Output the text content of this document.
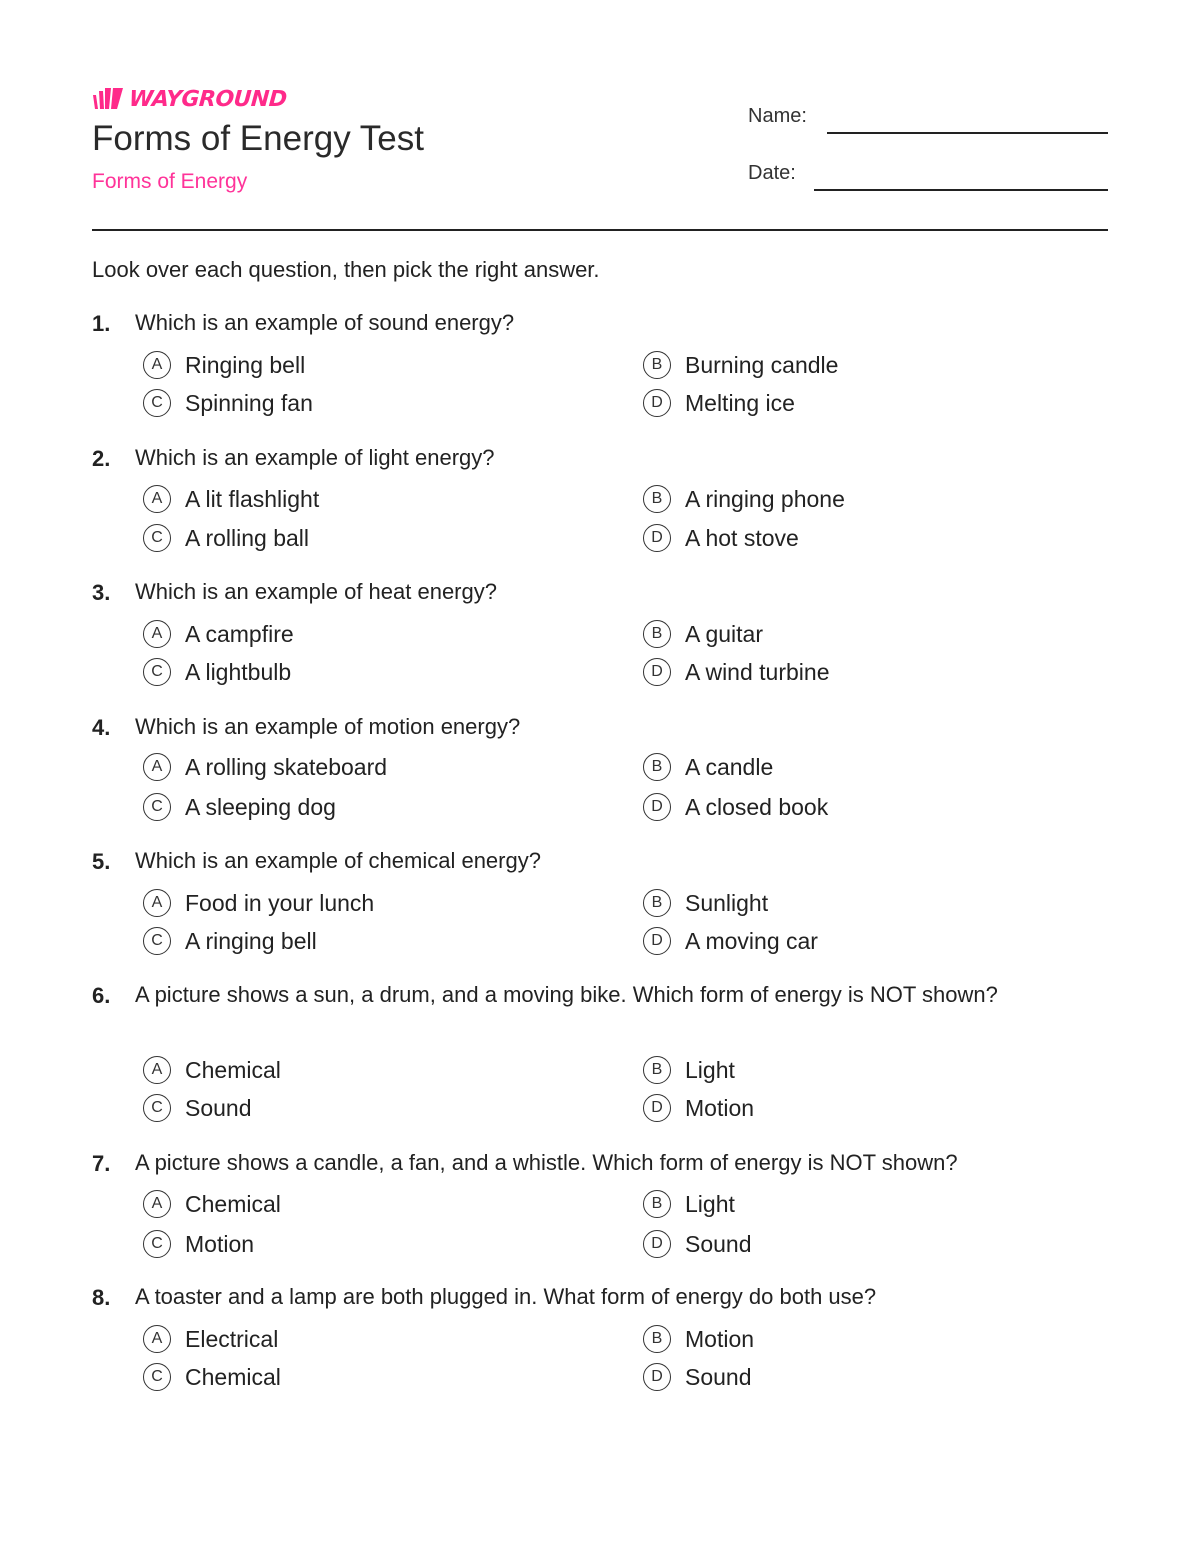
WAYGROUND
Forms of Energy Test
Forms of Energy
Name:
Date:
Look over each question, then pick the right answer.
1. Which is an example of sound energy?
2. Which is an example of light energy?
3. Which is an example of heat energy?
4. Which is an example of motion energy?
5. Which is an example of chemical energy?
6. A picture shows a sun, a drum, and a moving bike. Which form of energy is NOT shown?
7. A picture shows a candle, a fan, and a whistle. Which form of energy is NOT shown?
8. A toaster and a lamp are both plugged in. What form of energy do both use?
A Ringing bell	B Burning candle
C Spinning fan	D Melting ice
A A lit flashlight	B A ringing phone
C A rolling ball	D A hot stove
A A campfire	B A guitar
C A lightbulb	D A wind turbine
A A rolling skateboard	B A candle
C A sleeping dog	D A closed book
A Food in your lunch	B Sunlight
C A ringing bell	D A moving car
A Chemical	B Light
C Sound	D Motion
A Chemical	B Light
C Motion	D Sound
A Electrical	B Motion
C Chemical	D Sound
